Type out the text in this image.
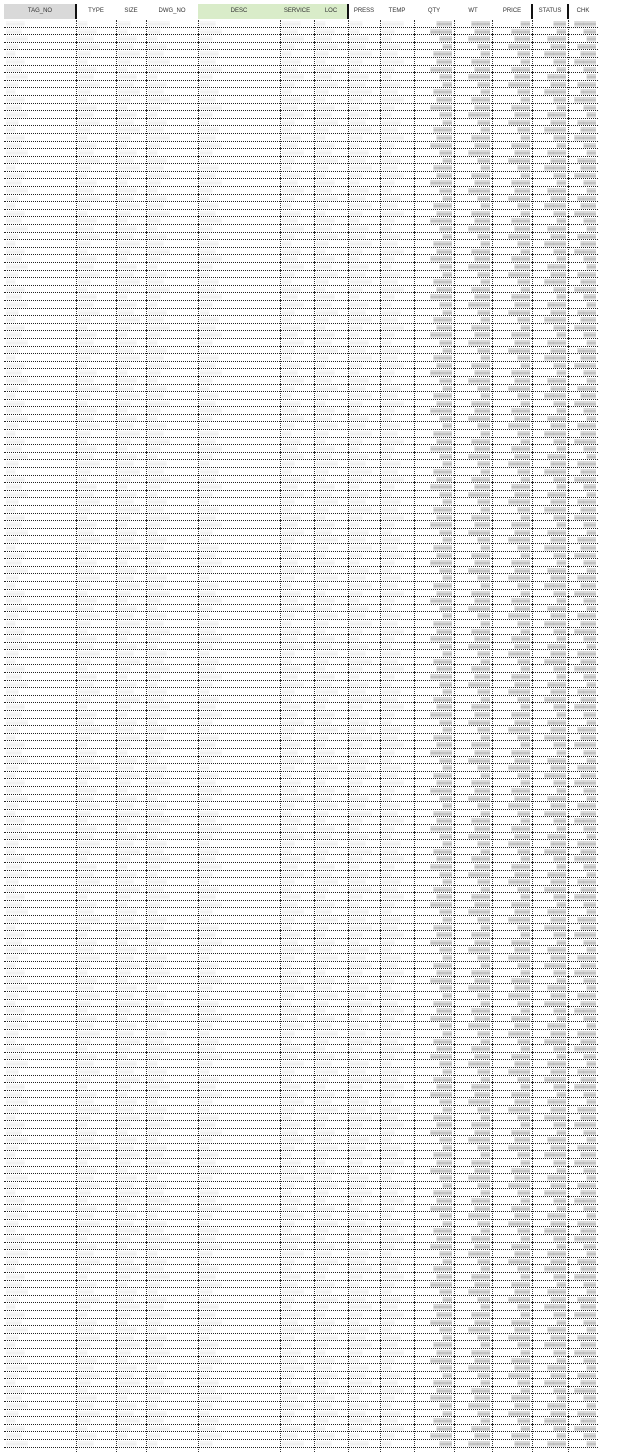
TAG_NO	TYPE	SIZE	DWG_NO	DESC	SERVICE	LOC	PRESS	TEMP	QTY	WT	PRICE	STATUS	CHK
▒▒▒▒▒▒	▒▒▒	▒▒▒▒	▒▒▒▒▒▒▒	▒▒▒▒▒	▒▒▒▒▒▒	▒▒▒	▒▒▒▒	▒▒▒▒▒▒▒	▒▒▒▒▒	▒▒▒▒▒▒	▒▒▒	▒▒▒▒	▒▒▒▒▒▒▒
▒▒▒▒▒	▒▒▒▒▒▒	▒▒▒	▒▒▒▒	▒▒▒▒▒▒▒	▒▒▒▒▒	▒▒▒▒▒▒	▒▒▒	▒▒▒▒	▒▒▒▒▒▒▒	▒▒▒▒▒	▒▒▒▒▒▒	▒▒▒	▒▒▒▒
▒▒▒▒▒▒▒	▒▒▒▒▒	▒▒▒▒▒▒	▒▒▒	▒▒▒▒	▒▒▒▒▒▒▒	▒▒▒▒▒	▒▒▒▒▒▒	▒▒▒	▒▒▒▒	▒▒▒▒▒▒▒	▒▒▒▒▒	▒▒▒▒▒▒	▒▒▒
▒▒▒▒	▒▒▒▒▒▒▒	▒▒▒▒▒	▒▒▒▒▒▒	▒▒▒	▒▒▒▒	▒▒▒▒▒▒▒	▒▒▒▒▒	▒▒▒▒▒▒	▒▒▒	▒▒▒▒	▒▒▒▒▒▒▒	▒▒▒▒▒	▒▒▒▒▒▒
▒▒▒	▒▒▒▒	▒▒▒▒▒▒▒	▒▒▒▒▒	▒▒▒▒▒▒	▒▒▒	▒▒▒▒	▒▒▒▒▒▒▒	▒▒▒▒▒	▒▒▒▒▒▒	▒▒▒	▒▒▒▒	▒▒▒▒▒▒▒	▒▒▒▒▒
▒▒▒▒▒▒	▒▒▒	▒▒▒▒	▒▒▒▒▒▒▒	▒▒▒▒▒	▒▒▒▒▒▒	▒▒▒	▒▒▒▒	▒▒▒▒▒▒▒	▒▒▒▒▒	▒▒▒▒▒▒	▒▒▒	▒▒▒▒	▒▒▒▒▒▒▒
▒▒▒▒▒	▒▒▒▒▒▒	▒▒▒	▒▒▒▒	▒▒▒▒▒▒▒	▒▒▒▒▒	▒▒▒▒▒▒	▒▒▒	▒▒▒▒	▒▒▒▒▒▒▒	▒▒▒▒▒	▒▒▒▒▒▒	▒▒▒	▒▒▒▒
▒▒▒▒▒▒▒	▒▒▒▒▒	▒▒▒▒▒▒	▒▒▒	▒▒▒▒	▒▒▒▒▒▒▒	▒▒▒▒▒	▒▒▒▒▒▒	▒▒▒	▒▒▒▒	▒▒▒▒▒▒▒	▒▒▒▒▒	▒▒▒▒▒▒	▒▒▒
▒▒▒▒	▒▒▒▒▒▒▒	▒▒▒▒▒	▒▒▒▒▒▒	▒▒▒	▒▒▒▒	▒▒▒▒▒▒▒	▒▒▒▒▒	▒▒▒▒▒▒	▒▒▒	▒▒▒▒	▒▒▒▒▒▒▒	▒▒▒▒▒	▒▒▒▒▒▒
▒▒▒	▒▒▒▒	▒▒▒▒▒▒▒	▒▒▒▒▒	▒▒▒▒▒▒	▒▒▒	▒▒▒▒	▒▒▒▒▒▒▒	▒▒▒▒▒	▒▒▒▒▒▒	▒▒▒	▒▒▒▒	▒▒▒▒▒▒▒	▒▒▒▒▒
▒▒▒▒▒▒	▒▒▒	▒▒▒▒	▒▒▒▒▒▒▒	▒▒▒▒▒	▒▒▒▒▒▒	▒▒▒	▒▒▒▒	▒▒▒▒▒▒▒	▒▒▒▒▒	▒▒▒▒▒▒	▒▒▒	▒▒▒▒	▒▒▒▒▒▒▒
▒▒▒▒▒	▒▒▒▒▒▒	▒▒▒	▒▒▒▒	▒▒▒▒▒▒▒	▒▒▒▒▒	▒▒▒▒▒▒	▒▒▒	▒▒▒▒	▒▒▒▒▒▒▒	▒▒▒▒▒	▒▒▒▒▒▒	▒▒▒	▒▒▒▒
▒▒▒▒▒▒▒	▒▒▒▒▒	▒▒▒▒▒▒	▒▒▒	▒▒▒▒	▒▒▒▒▒▒▒	▒▒▒▒▒	▒▒▒▒▒▒	▒▒▒	▒▒▒▒	▒▒▒▒▒▒▒	▒▒▒▒▒	▒▒▒▒▒▒	▒▒▒
▒▒▒▒	▒▒▒▒▒▒▒	▒▒▒▒▒	▒▒▒▒▒▒	▒▒▒	▒▒▒▒	▒▒▒▒▒▒▒	▒▒▒▒▒	▒▒▒▒▒▒	▒▒▒	▒▒▒▒	▒▒▒▒▒▒▒	▒▒▒▒▒	▒▒▒▒▒▒
▒▒▒	▒▒▒▒	▒▒▒▒▒▒▒	▒▒▒▒▒	▒▒▒▒▒▒	▒▒▒	▒▒▒▒	▒▒▒▒▒▒▒	▒▒▒▒▒	▒▒▒▒▒▒	▒▒▒	▒▒▒▒	▒▒▒▒▒▒▒	▒▒▒▒▒
▒▒▒▒▒▒	▒▒▒	▒▒▒▒	▒▒▒▒▒▒▒	▒▒▒▒▒	▒▒▒▒▒▒	▒▒▒	▒▒▒▒	▒▒▒▒▒▒▒	▒▒▒▒▒	▒▒▒▒▒▒	▒▒▒	▒▒▒▒	▒▒▒▒▒▒▒
▒▒▒▒▒	▒▒▒▒▒▒	▒▒▒	▒▒▒▒	▒▒▒▒▒▒▒	▒▒▒▒▒	▒▒▒▒▒▒	▒▒▒	▒▒▒▒	▒▒▒▒▒▒▒	▒▒▒▒▒	▒▒▒▒▒▒	▒▒▒	▒▒▒▒
▒▒▒▒▒▒▒	▒▒▒▒▒	▒▒▒▒▒▒	▒▒▒	▒▒▒▒	▒▒▒▒▒▒▒	▒▒▒▒▒	▒▒▒▒▒▒	▒▒▒	▒▒▒▒	▒▒▒▒▒▒▒	▒▒▒▒▒	▒▒▒▒▒▒	▒▒▒
▒▒▒▒	▒▒▒▒▒▒▒	▒▒▒▒▒	▒▒▒▒▒▒	▒▒▒	▒▒▒▒	▒▒▒▒▒▒▒	▒▒▒▒▒	▒▒▒▒▒▒	▒▒▒	▒▒▒▒	▒▒▒▒▒▒▒	▒▒▒▒▒	▒▒▒▒▒▒
▒▒▒	▒▒▒▒	▒▒▒▒▒▒▒	▒▒▒▒▒	▒▒▒▒▒▒	▒▒▒	▒▒▒▒	▒▒▒▒▒▒▒	▒▒▒▒▒	▒▒▒▒▒▒	▒▒▒	▒▒▒▒	▒▒▒▒▒▒▒	▒▒▒▒▒
▒▒▒▒▒▒	▒▒▒	▒▒▒▒	▒▒▒▒▒▒▒	▒▒▒▒▒	▒▒▒▒▒▒	▒▒▒	▒▒▒▒	▒▒▒▒▒▒▒	▒▒▒▒▒	▒▒▒▒▒▒	▒▒▒	▒▒▒▒	▒▒▒▒▒▒▒
▒▒▒▒▒	▒▒▒▒▒▒	▒▒▒	▒▒▒▒	▒▒▒▒▒▒▒	▒▒▒▒▒	▒▒▒▒▒▒	▒▒▒	▒▒▒▒	▒▒▒▒▒▒▒	▒▒▒▒▒	▒▒▒▒▒▒	▒▒▒	▒▒▒▒
▒▒▒▒▒▒▒	▒▒▒▒▒	▒▒▒▒▒▒	▒▒▒	▒▒▒▒	▒▒▒▒▒▒▒	▒▒▒▒▒	▒▒▒▒▒▒	▒▒▒	▒▒▒▒	▒▒▒▒▒▒▒	▒▒▒▒▒	▒▒▒▒▒▒	▒▒▒
▒▒▒▒	▒▒▒▒▒▒▒	▒▒▒▒▒	▒▒▒▒▒▒	▒▒▒	▒▒▒▒	▒▒▒▒▒▒▒	▒▒▒▒▒	▒▒▒▒▒▒	▒▒▒	▒▒▒▒	▒▒▒▒▒▒▒	▒▒▒▒▒	▒▒▒▒▒▒
▒▒▒	▒▒▒▒	▒▒▒▒▒▒▒	▒▒▒▒▒	▒▒▒▒▒▒	▒▒▒	▒▒▒▒	▒▒▒▒▒▒▒	▒▒▒▒▒	▒▒▒▒▒▒	▒▒▒	▒▒▒▒	▒▒▒▒▒▒▒	▒▒▒▒▒
▒▒▒▒▒▒	▒▒▒	▒▒▒▒	▒▒▒▒▒▒▒	▒▒▒▒▒	▒▒▒▒▒▒	▒▒▒	▒▒▒▒	▒▒▒▒▒▒▒	▒▒▒▒▒	▒▒▒▒▒▒	▒▒▒	▒▒▒▒	▒▒▒▒▒▒▒
▒▒▒▒▒	▒▒▒▒▒▒	▒▒▒	▒▒▒▒	▒▒▒▒▒▒▒	▒▒▒▒▒	▒▒▒▒▒▒	▒▒▒	▒▒▒▒	▒▒▒▒▒▒▒	▒▒▒▒▒	▒▒▒▒▒▒	▒▒▒	▒▒▒▒
▒▒▒▒▒▒▒	▒▒▒▒▒	▒▒▒▒▒▒	▒▒▒	▒▒▒▒	▒▒▒▒▒▒▒	▒▒▒▒▒	▒▒▒▒▒▒	▒▒▒	▒▒▒▒	▒▒▒▒▒▒▒	▒▒▒▒▒	▒▒▒▒▒▒	▒▒▒
▒▒▒▒	▒▒▒▒▒▒▒	▒▒▒▒▒	▒▒▒▒▒▒	▒▒▒	▒▒▒▒	▒▒▒▒▒▒▒	▒▒▒▒▒	▒▒▒▒▒▒	▒▒▒	▒▒▒▒	▒▒▒▒▒▒▒	▒▒▒▒▒	▒▒▒▒▒▒
▒▒▒	▒▒▒▒	▒▒▒▒▒▒▒	▒▒▒▒▒	▒▒▒▒▒▒	▒▒▒	▒▒▒▒	▒▒▒▒▒▒▒	▒▒▒▒▒	▒▒▒▒▒▒	▒▒▒	▒▒▒▒	▒▒▒▒▒▒▒	▒▒▒▒▒
▒▒▒▒▒▒	▒▒▒	▒▒▒▒	▒▒▒▒▒▒▒	▒▒▒▒▒	▒▒▒▒▒▒	▒▒▒	▒▒▒▒	▒▒▒▒▒▒▒	▒▒▒▒▒	▒▒▒▒▒▒	▒▒▒	▒▒▒▒	▒▒▒▒▒▒▒
▒▒▒▒▒	▒▒▒▒▒▒	▒▒▒	▒▒▒▒	▒▒▒▒▒▒▒	▒▒▒▒▒	▒▒▒▒▒▒	▒▒▒	▒▒▒▒	▒▒▒▒▒▒▒	▒▒▒▒▒	▒▒▒▒▒▒	▒▒▒	▒▒▒▒
▒▒▒▒▒▒▒	▒▒▒▒▒	▒▒▒▒▒▒	▒▒▒	▒▒▒▒	▒▒▒▒▒▒▒	▒▒▒▒▒	▒▒▒▒▒▒	▒▒▒	▒▒▒▒	▒▒▒▒▒▒▒	▒▒▒▒▒	▒▒▒▒▒▒	▒▒▒
▒▒▒▒	▒▒▒▒▒▒▒	▒▒▒▒▒	▒▒▒▒▒▒	▒▒▒	▒▒▒▒	▒▒▒▒▒▒▒	▒▒▒▒▒	▒▒▒▒▒▒	▒▒▒	▒▒▒▒	▒▒▒▒▒▒▒	▒▒▒▒▒	▒▒▒▒▒▒
▒▒▒	▒▒▒▒	▒▒▒▒▒▒▒	▒▒▒▒▒	▒▒▒▒▒▒	▒▒▒	▒▒▒▒	▒▒▒▒▒▒▒	▒▒▒▒▒	▒▒▒▒▒▒	▒▒▒	▒▒▒▒	▒▒▒▒▒▒▒	▒▒▒▒▒
▒▒▒▒▒▒	▒▒▒	▒▒▒▒	▒▒▒▒▒▒▒	▒▒▒▒▒	▒▒▒▒▒▒	▒▒▒	▒▒▒▒	▒▒▒▒▒▒▒	▒▒▒▒▒	▒▒▒▒▒▒	▒▒▒	▒▒▒▒	▒▒▒▒▒▒▒
▒▒▒▒▒	▒▒▒▒▒▒	▒▒▒	▒▒▒▒	▒▒▒▒▒▒▒	▒▒▒▒▒	▒▒▒▒▒▒	▒▒▒	▒▒▒▒	▒▒▒▒▒▒▒	▒▒▒▒▒	▒▒▒▒▒▒	▒▒▒	▒▒▒▒
▒▒▒▒▒▒▒	▒▒▒▒▒	▒▒▒▒▒▒	▒▒▒	▒▒▒▒	▒▒▒▒▒▒▒	▒▒▒▒▒	▒▒▒▒▒▒	▒▒▒	▒▒▒▒	▒▒▒▒▒▒▒	▒▒▒▒▒	▒▒▒▒▒▒	▒▒▒
▒▒▒▒	▒▒▒▒▒▒▒	▒▒▒▒▒	▒▒▒▒▒▒	▒▒▒	▒▒▒▒	▒▒▒▒▒▒▒	▒▒▒▒▒	▒▒▒▒▒▒	▒▒▒	▒▒▒▒	▒▒▒▒▒▒▒	▒▒▒▒▒	▒▒▒▒▒▒
▒▒▒	▒▒▒▒	▒▒▒▒▒▒▒	▒▒▒▒▒	▒▒▒▒▒▒	▒▒▒	▒▒▒▒	▒▒▒▒▒▒▒	▒▒▒▒▒	▒▒▒▒▒▒	▒▒▒	▒▒▒▒	▒▒▒▒▒▒▒	▒▒▒▒▒
▒▒▒▒▒▒	▒▒▒	▒▒▒▒	▒▒▒▒▒▒▒	▒▒▒▒▒	▒▒▒▒▒▒	▒▒▒	▒▒▒▒	▒▒▒▒▒▒▒	▒▒▒▒▒	▒▒▒▒▒▒	▒▒▒	▒▒▒▒	▒▒▒▒▒▒▒
▒▒▒▒▒	▒▒▒▒▒▒	▒▒▒	▒▒▒▒	▒▒▒▒▒▒▒	▒▒▒▒▒	▒▒▒▒▒▒	▒▒▒	▒▒▒▒	▒▒▒▒▒▒▒	▒▒▒▒▒	▒▒▒▒▒▒	▒▒▒	▒▒▒▒
▒▒▒▒▒▒▒	▒▒▒▒▒	▒▒▒▒▒▒	▒▒▒	▒▒▒▒	▒▒▒▒▒▒▒	▒▒▒▒▒	▒▒▒▒▒▒	▒▒▒	▒▒▒▒	▒▒▒▒▒▒▒	▒▒▒▒▒	▒▒▒▒▒▒	▒▒▒
▒▒▒▒	▒▒▒▒▒▒▒	▒▒▒▒▒	▒▒▒▒▒▒	▒▒▒	▒▒▒▒	▒▒▒▒▒▒▒	▒▒▒▒▒	▒▒▒▒▒▒	▒▒▒	▒▒▒▒	▒▒▒▒▒▒▒	▒▒▒▒▒	▒▒▒▒▒▒
▒▒▒	▒▒▒▒	▒▒▒▒▒▒▒	▒▒▒▒▒	▒▒▒▒▒▒	▒▒▒	▒▒▒▒	▒▒▒▒▒▒▒	▒▒▒▒▒	▒▒▒▒▒▒	▒▒▒	▒▒▒▒	▒▒▒▒▒▒▒	▒▒▒▒▒
▒▒▒▒▒▒	▒▒▒	▒▒▒▒	▒▒▒▒▒▒▒	▒▒▒▒▒	▒▒▒▒▒▒	▒▒▒	▒▒▒▒	▒▒▒▒▒▒▒	▒▒▒▒▒	▒▒▒▒▒▒	▒▒▒	▒▒▒▒	▒▒▒▒▒▒▒
▒▒▒▒▒	▒▒▒▒▒▒	▒▒▒	▒▒▒▒	▒▒▒▒▒▒▒	▒▒▒▒▒	▒▒▒▒▒▒	▒▒▒	▒▒▒▒	▒▒▒▒▒▒▒	▒▒▒▒▒	▒▒▒▒▒▒	▒▒▒	▒▒▒▒
▒▒▒▒▒▒▒	▒▒▒▒▒	▒▒▒▒▒▒	▒▒▒	▒▒▒▒	▒▒▒▒▒▒▒	▒▒▒▒▒	▒▒▒▒▒▒	▒▒▒	▒▒▒▒	▒▒▒▒▒▒▒	▒▒▒▒▒	▒▒▒▒▒▒	▒▒▒
▒▒▒▒	▒▒▒▒▒▒▒	▒▒▒▒▒	▒▒▒▒▒▒	▒▒▒	▒▒▒▒	▒▒▒▒▒▒▒	▒▒▒▒▒	▒▒▒▒▒▒	▒▒▒	▒▒▒▒	▒▒▒▒▒▒▒	▒▒▒▒▒	▒▒▒▒▒▒
▒▒▒	▒▒▒▒	▒▒▒▒▒▒▒	▒▒▒▒▒	▒▒▒▒▒▒	▒▒▒	▒▒▒▒	▒▒▒▒▒▒▒	▒▒▒▒▒	▒▒▒▒▒▒	▒▒▒	▒▒▒▒	▒▒▒▒▒▒▒	▒▒▒▒▒
▒▒▒▒▒▒	▒▒▒	▒▒▒▒	▒▒▒▒▒▒▒	▒▒▒▒▒	▒▒▒▒▒▒	▒▒▒	▒▒▒▒	▒▒▒▒▒▒▒	▒▒▒▒▒	▒▒▒▒▒▒	▒▒▒	▒▒▒▒	▒▒▒▒▒▒▒
▒▒▒▒▒	▒▒▒▒▒▒	▒▒▒	▒▒▒▒	▒▒▒▒▒▒▒	▒▒▒▒▒	▒▒▒▒▒▒	▒▒▒	▒▒▒▒	▒▒▒▒▒▒▒	▒▒▒▒▒	▒▒▒▒▒▒	▒▒▒	▒▒▒▒
▒▒▒▒▒▒▒	▒▒▒▒▒	▒▒▒▒▒▒	▒▒▒	▒▒▒▒	▒▒▒▒▒▒▒	▒▒▒▒▒	▒▒▒▒▒▒	▒▒▒	▒▒▒▒	▒▒▒▒▒▒▒	▒▒▒▒▒	▒▒▒▒▒▒	▒▒▒
▒▒▒▒	▒▒▒▒▒▒▒	▒▒▒▒▒	▒▒▒▒▒▒	▒▒▒	▒▒▒▒	▒▒▒▒▒▒▒	▒▒▒▒▒	▒▒▒▒▒▒	▒▒▒	▒▒▒▒	▒▒▒▒▒▒▒	▒▒▒▒▒	▒▒▒▒▒▒
▒▒▒	▒▒▒▒	▒▒▒▒▒▒▒	▒▒▒▒▒	▒▒▒▒▒▒	▒▒▒	▒▒▒▒	▒▒▒▒▒▒▒	▒▒▒▒▒	▒▒▒▒▒▒	▒▒▒	▒▒▒▒	▒▒▒▒▒▒▒	▒▒▒▒▒
▒▒▒▒▒▒	▒▒▒	▒▒▒▒	▒▒▒▒▒▒▒	▒▒▒▒▒	▒▒▒▒▒▒	▒▒▒	▒▒▒▒	▒▒▒▒▒▒▒	▒▒▒▒▒	▒▒▒▒▒▒	▒▒▒	▒▒▒▒	▒▒▒▒▒▒▒
▒▒▒▒▒	▒▒▒▒▒▒	▒▒▒	▒▒▒▒	▒▒▒▒▒▒▒	▒▒▒▒▒	▒▒▒▒▒▒	▒▒▒	▒▒▒▒	▒▒▒▒▒▒▒	▒▒▒▒▒	▒▒▒▒▒▒	▒▒▒	▒▒▒▒
▒▒▒▒▒▒▒	▒▒▒▒▒	▒▒▒▒▒▒	▒▒▒	▒▒▒▒	▒▒▒▒▒▒▒	▒▒▒▒▒	▒▒▒▒▒▒	▒▒▒	▒▒▒▒	▒▒▒▒▒▒▒	▒▒▒▒▒	▒▒▒▒▒▒	▒▒▒
▒▒▒▒	▒▒▒▒▒▒▒	▒▒▒▒▒	▒▒▒▒▒▒	▒▒▒	▒▒▒▒	▒▒▒▒▒▒▒	▒▒▒▒▒	▒▒▒▒▒▒	▒▒▒	▒▒▒▒	▒▒▒▒▒▒▒	▒▒▒▒▒	▒▒▒▒▒▒
▒▒▒	▒▒▒▒	▒▒▒▒▒▒▒	▒▒▒▒▒	▒▒▒▒▒▒	▒▒▒	▒▒▒▒	▒▒▒▒▒▒▒	▒▒▒▒▒	▒▒▒▒▒▒	▒▒▒	▒▒▒▒	▒▒▒▒▒▒▒	▒▒▒▒▒
▒▒▒▒▒▒	▒▒▒	▒▒▒▒	▒▒▒▒▒▒▒	▒▒▒▒▒	▒▒▒▒▒▒	▒▒▒	▒▒▒▒	▒▒▒▒▒▒▒	▒▒▒▒▒	▒▒▒▒▒▒	▒▒▒	▒▒▒▒	▒▒▒▒▒▒▒
▒▒▒▒▒	▒▒▒▒▒▒	▒▒▒	▒▒▒▒	▒▒▒▒▒▒▒	▒▒▒▒▒	▒▒▒▒▒▒	▒▒▒	▒▒▒▒	▒▒▒▒▒▒▒	▒▒▒▒▒	▒▒▒▒▒▒	▒▒▒	▒▒▒▒
▒▒▒▒▒▒▒	▒▒▒▒▒	▒▒▒▒▒▒	▒▒▒	▒▒▒▒	▒▒▒▒▒▒▒	▒▒▒▒▒	▒▒▒▒▒▒	▒▒▒	▒▒▒▒	▒▒▒▒▒▒▒	▒▒▒▒▒	▒▒▒▒▒▒	▒▒▒
▒▒▒▒	▒▒▒▒▒▒▒	▒▒▒▒▒	▒▒▒▒▒▒	▒▒▒	▒▒▒▒	▒▒▒▒▒▒▒	▒▒▒▒▒	▒▒▒▒▒▒	▒▒▒	▒▒▒▒	▒▒▒▒▒▒▒	▒▒▒▒▒	▒▒▒▒▒▒
▒▒▒	▒▒▒▒	▒▒▒▒▒▒▒	▒▒▒▒▒	▒▒▒▒▒▒	▒▒▒	▒▒▒▒	▒▒▒▒▒▒▒	▒▒▒▒▒	▒▒▒▒▒▒	▒▒▒	▒▒▒▒	▒▒▒▒▒▒▒	▒▒▒▒▒
▒▒▒▒▒▒	▒▒▒	▒▒▒▒	▒▒▒▒▒▒▒	▒▒▒▒▒	▒▒▒▒▒▒	▒▒▒	▒▒▒▒	▒▒▒▒▒▒▒	▒▒▒▒▒	▒▒▒▒▒▒	▒▒▒	▒▒▒▒	▒▒▒▒▒▒▒
▒▒▒▒▒	▒▒▒▒▒▒	▒▒▒	▒▒▒▒	▒▒▒▒▒▒▒	▒▒▒▒▒	▒▒▒▒▒▒	▒▒▒	▒▒▒▒	▒▒▒▒▒▒▒	▒▒▒▒▒	▒▒▒▒▒▒	▒▒▒	▒▒▒▒
▒▒▒▒▒▒▒	▒▒▒▒▒	▒▒▒▒▒▒	▒▒▒	▒▒▒▒	▒▒▒▒▒▒▒	▒▒▒▒▒	▒▒▒▒▒▒	▒▒▒	▒▒▒▒	▒▒▒▒▒▒▒	▒▒▒▒▒	▒▒▒▒▒▒	▒▒▒
▒▒▒▒	▒▒▒▒▒▒▒	▒▒▒▒▒	▒▒▒▒▒▒	▒▒▒	▒▒▒▒	▒▒▒▒▒▒▒	▒▒▒▒▒	▒▒▒▒▒▒	▒▒▒	▒▒▒▒	▒▒▒▒▒▒▒	▒▒▒▒▒	▒▒▒▒▒▒
▒▒▒	▒▒▒▒	▒▒▒▒▒▒▒	▒▒▒▒▒	▒▒▒▒▒▒	▒▒▒	▒▒▒▒	▒▒▒▒▒▒▒	▒▒▒▒▒	▒▒▒▒▒▒	▒▒▒	▒▒▒▒	▒▒▒▒▒▒▒	▒▒▒▒▒
▒▒▒▒▒▒	▒▒▒	▒▒▒▒	▒▒▒▒▒▒▒	▒▒▒▒▒	▒▒▒▒▒▒	▒▒▒	▒▒▒▒	▒▒▒▒▒▒▒	▒▒▒▒▒	▒▒▒▒▒▒	▒▒▒	▒▒▒▒	▒▒▒▒▒▒▒
▒▒▒▒▒	▒▒▒▒▒▒	▒▒▒	▒▒▒▒	▒▒▒▒▒▒▒	▒▒▒▒▒	▒▒▒▒▒▒	▒▒▒	▒▒▒▒	▒▒▒▒▒▒▒	▒▒▒▒▒	▒▒▒▒▒▒	▒▒▒	▒▒▒▒
▒▒▒▒▒▒▒	▒▒▒▒▒	▒▒▒▒▒▒	▒▒▒	▒▒▒▒	▒▒▒▒▒▒▒	▒▒▒▒▒	▒▒▒▒▒▒	▒▒▒	▒▒▒▒	▒▒▒▒▒▒▒	▒▒▒▒▒	▒▒▒▒▒▒	▒▒▒
▒▒▒▒	▒▒▒▒▒▒▒	▒▒▒▒▒	▒▒▒▒▒▒	▒▒▒	▒▒▒▒	▒▒▒▒▒▒▒	▒▒▒▒▒	▒▒▒▒▒▒	▒▒▒	▒▒▒▒	▒▒▒▒▒▒▒	▒▒▒▒▒	▒▒▒▒▒▒
▒▒▒	▒▒▒▒	▒▒▒▒▒▒▒	▒▒▒▒▒	▒▒▒▒▒▒	▒▒▒	▒▒▒▒	▒▒▒▒▒▒▒	▒▒▒▒▒	▒▒▒▒▒▒	▒▒▒	▒▒▒▒	▒▒▒▒▒▒▒	▒▒▒▒▒
▒▒▒▒▒▒	▒▒▒	▒▒▒▒	▒▒▒▒▒▒▒	▒▒▒▒▒	▒▒▒▒▒▒	▒▒▒	▒▒▒▒	▒▒▒▒▒▒▒	▒▒▒▒▒	▒▒▒▒▒▒	▒▒▒	▒▒▒▒	▒▒▒▒▒▒▒
▒▒▒▒▒	▒▒▒▒▒▒	▒▒▒	▒▒▒▒	▒▒▒▒▒▒▒	▒▒▒▒▒	▒▒▒▒▒▒	▒▒▒	▒▒▒▒	▒▒▒▒▒▒▒	▒▒▒▒▒	▒▒▒▒▒▒	▒▒▒	▒▒▒▒
▒▒▒▒▒▒▒	▒▒▒▒▒	▒▒▒▒▒▒	▒▒▒	▒▒▒▒	▒▒▒▒▒▒▒	▒▒▒▒▒	▒▒▒▒▒▒	▒▒▒	▒▒▒▒	▒▒▒▒▒▒▒	▒▒▒▒▒	▒▒▒▒▒▒	▒▒▒
▒▒▒▒	▒▒▒▒▒▒▒	▒▒▒▒▒	▒▒▒▒▒▒	▒▒▒	▒▒▒▒	▒▒▒▒▒▒▒	▒▒▒▒▒	▒▒▒▒▒▒	▒▒▒	▒▒▒▒	▒▒▒▒▒▒▒	▒▒▒▒▒	▒▒▒▒▒▒
▒▒▒	▒▒▒▒	▒▒▒▒▒▒▒	▒▒▒▒▒	▒▒▒▒▒▒	▒▒▒	▒▒▒▒	▒▒▒▒▒▒▒	▒▒▒▒▒	▒▒▒▒▒▒	▒▒▒	▒▒▒▒	▒▒▒▒▒▒▒	▒▒▒▒▒
▒▒▒▒▒▒	▒▒▒	▒▒▒▒	▒▒▒▒▒▒▒	▒▒▒▒▒	▒▒▒▒▒▒	▒▒▒	▒▒▒▒	▒▒▒▒▒▒▒	▒▒▒▒▒	▒▒▒▒▒▒	▒▒▒	▒▒▒▒	▒▒▒▒▒▒▒
▒▒▒▒▒	▒▒▒▒▒▒	▒▒▒	▒▒▒▒	▒▒▒▒▒▒▒	▒▒▒▒▒	▒▒▒▒▒▒	▒▒▒	▒▒▒▒	▒▒▒▒▒▒▒	▒▒▒▒▒	▒▒▒▒▒▒	▒▒▒	▒▒▒▒
▒▒▒▒▒▒▒	▒▒▒▒▒	▒▒▒▒▒▒	▒▒▒	▒▒▒▒	▒▒▒▒▒▒▒	▒▒▒▒▒	▒▒▒▒▒▒	▒▒▒	▒▒▒▒	▒▒▒▒▒▒▒	▒▒▒▒▒	▒▒▒▒▒▒	▒▒▒
▒▒▒▒	▒▒▒▒▒▒▒	▒▒▒▒▒	▒▒▒▒▒▒	▒▒▒	▒▒▒▒	▒▒▒▒▒▒▒	▒▒▒▒▒	▒▒▒▒▒▒	▒▒▒	▒▒▒▒	▒▒▒▒▒▒▒	▒▒▒▒▒	▒▒▒▒▒▒
▒▒▒	▒▒▒▒	▒▒▒▒▒▒▒	▒▒▒▒▒	▒▒▒▒▒▒	▒▒▒	▒▒▒▒	▒▒▒▒▒▒▒	▒▒▒▒▒	▒▒▒▒▒▒	▒▒▒	▒▒▒▒	▒▒▒▒▒▒▒	▒▒▒▒▒
▒▒▒▒▒▒	▒▒▒	▒▒▒▒	▒▒▒▒▒▒▒	▒▒▒▒▒	▒▒▒▒▒▒	▒▒▒	▒▒▒▒	▒▒▒▒▒▒▒	▒▒▒▒▒	▒▒▒▒▒▒	▒▒▒	▒▒▒▒	▒▒▒▒▒▒▒
▒▒▒▒▒	▒▒▒▒▒▒	▒▒▒	▒▒▒▒	▒▒▒▒▒▒▒	▒▒▒▒▒	▒▒▒▒▒▒	▒▒▒	▒▒▒▒	▒▒▒▒▒▒▒	▒▒▒▒▒	▒▒▒▒▒▒	▒▒▒	▒▒▒▒
▒▒▒▒▒▒▒	▒▒▒▒▒	▒▒▒▒▒▒	▒▒▒	▒▒▒▒	▒▒▒▒▒▒▒	▒▒▒▒▒	▒▒▒▒▒▒	▒▒▒	▒▒▒▒	▒▒▒▒▒▒▒	▒▒▒▒▒	▒▒▒▒▒▒	▒▒▒
▒▒▒▒	▒▒▒▒▒▒▒	▒▒▒▒▒	▒▒▒▒▒▒	▒▒▒	▒▒▒▒	▒▒▒▒▒▒▒	▒▒▒▒▒	▒▒▒▒▒▒	▒▒▒	▒▒▒▒	▒▒▒▒▒▒▒	▒▒▒▒▒	▒▒▒▒▒▒
▒▒▒	▒▒▒▒	▒▒▒▒▒▒▒	▒▒▒▒▒	▒▒▒▒▒▒	▒▒▒	▒▒▒▒	▒▒▒▒▒▒▒	▒▒▒▒▒	▒▒▒▒▒▒	▒▒▒	▒▒▒▒	▒▒▒▒▒▒▒	▒▒▒▒▒
▒▒▒▒▒▒	▒▒▒	▒▒▒▒	▒▒▒▒▒▒▒	▒▒▒▒▒	▒▒▒▒▒▒	▒▒▒	▒▒▒▒	▒▒▒▒▒▒▒	▒▒▒▒▒	▒▒▒▒▒▒	▒▒▒	▒▒▒▒	▒▒▒▒▒▒▒
▒▒▒▒▒	▒▒▒▒▒▒	▒▒▒	▒▒▒▒	▒▒▒▒▒▒▒	▒▒▒▒▒	▒▒▒▒▒▒	▒▒▒	▒▒▒▒	▒▒▒▒▒▒▒	▒▒▒▒▒	▒▒▒▒▒▒	▒▒▒	▒▒▒▒
▒▒▒▒▒▒▒	▒▒▒▒▒	▒▒▒▒▒▒	▒▒▒	▒▒▒▒	▒▒▒▒▒▒▒	▒▒▒▒▒	▒▒▒▒▒▒	▒▒▒	▒▒▒▒	▒▒▒▒▒▒▒	▒▒▒▒▒	▒▒▒▒▒▒	▒▒▒
▒▒▒▒	▒▒▒▒▒▒▒	▒▒▒▒▒	▒▒▒▒▒▒	▒▒▒	▒▒▒▒	▒▒▒▒▒▒▒	▒▒▒▒▒	▒▒▒▒▒▒	▒▒▒	▒▒▒▒	▒▒▒▒▒▒▒	▒▒▒▒▒	▒▒▒▒▒▒
▒▒▒	▒▒▒▒	▒▒▒▒▒▒▒	▒▒▒▒▒	▒▒▒▒▒▒	▒▒▒	▒▒▒▒	▒▒▒▒▒▒▒	▒▒▒▒▒	▒▒▒▒▒▒	▒▒▒	▒▒▒▒	▒▒▒▒▒▒▒	▒▒▒▒▒
▒▒▒▒▒▒	▒▒▒	▒▒▒▒	▒▒▒▒▒▒▒	▒▒▒▒▒	▒▒▒▒▒▒	▒▒▒	▒▒▒▒	▒▒▒▒▒▒▒	▒▒▒▒▒	▒▒▒▒▒▒	▒▒▒	▒▒▒▒	▒▒▒▒▒▒▒
▒▒▒▒▒	▒▒▒▒▒▒	▒▒▒	▒▒▒▒	▒▒▒▒▒▒▒	▒▒▒▒▒	▒▒▒▒▒▒	▒▒▒	▒▒▒▒	▒▒▒▒▒▒▒	▒▒▒▒▒	▒▒▒▒▒▒	▒▒▒	▒▒▒▒
▒▒▒▒▒▒▒	▒▒▒▒▒	▒▒▒▒▒▒	▒▒▒	▒▒▒▒	▒▒▒▒▒▒▒	▒▒▒▒▒	▒▒▒▒▒▒	▒▒▒	▒▒▒▒	▒▒▒▒▒▒▒	▒▒▒▒▒	▒▒▒▒▒▒	▒▒▒
▒▒▒▒	▒▒▒▒▒▒▒	▒▒▒▒▒	▒▒▒▒▒▒	▒▒▒	▒▒▒▒	▒▒▒▒▒▒▒	▒▒▒▒▒	▒▒▒▒▒▒	▒▒▒	▒▒▒▒	▒▒▒▒▒▒▒	▒▒▒▒▒	▒▒▒▒▒▒
▒▒▒	▒▒▒▒	▒▒▒▒▒▒▒	▒▒▒▒▒	▒▒▒▒▒▒	▒▒▒	▒▒▒▒	▒▒▒▒▒▒▒	▒▒▒▒▒	▒▒▒▒▒▒	▒▒▒	▒▒▒▒	▒▒▒▒▒▒▒	▒▒▒▒▒
▒▒▒▒▒▒	▒▒▒	▒▒▒▒	▒▒▒▒▒▒▒	▒▒▒▒▒	▒▒▒▒▒▒	▒▒▒	▒▒▒▒	▒▒▒▒▒▒▒	▒▒▒▒▒	▒▒▒▒▒▒	▒▒▒	▒▒▒▒	▒▒▒▒▒▒▒
▒▒▒▒▒	▒▒▒▒▒▒	▒▒▒	▒▒▒▒	▒▒▒▒▒▒▒	▒▒▒▒▒	▒▒▒▒▒▒	▒▒▒	▒▒▒▒	▒▒▒▒▒▒▒	▒▒▒▒▒	▒▒▒▒▒▒	▒▒▒	▒▒▒▒
▒▒▒▒▒▒▒	▒▒▒▒▒	▒▒▒▒▒▒	▒▒▒	▒▒▒▒	▒▒▒▒▒▒▒	▒▒▒▒▒	▒▒▒▒▒▒	▒▒▒	▒▒▒▒	▒▒▒▒▒▒▒	▒▒▒▒▒	▒▒▒▒▒▒	▒▒▒
▒▒▒▒	▒▒▒▒▒▒▒	▒▒▒▒▒	▒▒▒▒▒▒	▒▒▒	▒▒▒▒	▒▒▒▒▒▒▒	▒▒▒▒▒	▒▒▒▒▒▒	▒▒▒	▒▒▒▒	▒▒▒▒▒▒▒	▒▒▒▒▒	▒▒▒▒▒▒
▒▒▒	▒▒▒▒	▒▒▒▒▒▒▒	▒▒▒▒▒	▒▒▒▒▒▒	▒▒▒	▒▒▒▒	▒▒▒▒▒▒▒	▒▒▒▒▒	▒▒▒▒▒▒	▒▒▒	▒▒▒▒	▒▒▒▒▒▒▒	▒▒▒▒▒
▒▒▒▒▒▒	▒▒▒	▒▒▒▒	▒▒▒▒▒▒▒	▒▒▒▒▒	▒▒▒▒▒▒	▒▒▒	▒▒▒▒	▒▒▒▒▒▒▒	▒▒▒▒▒	▒▒▒▒▒▒	▒▒▒	▒▒▒▒	▒▒▒▒▒▒▒
▒▒▒▒▒	▒▒▒▒▒▒	▒▒▒	▒▒▒▒	▒▒▒▒▒▒▒	▒▒▒▒▒	▒▒▒▒▒▒	▒▒▒	▒▒▒▒	▒▒▒▒▒▒▒	▒▒▒▒▒	▒▒▒▒▒▒	▒▒▒	▒▒▒▒
▒▒▒▒▒▒▒	▒▒▒▒▒	▒▒▒▒▒▒	▒▒▒	▒▒▒▒	▒▒▒▒▒▒▒	▒▒▒▒▒	▒▒▒▒▒▒	▒▒▒	▒▒▒▒	▒▒▒▒▒▒▒	▒▒▒▒▒	▒▒▒▒▒▒	▒▒▒
▒▒▒▒	▒▒▒▒▒▒▒	▒▒▒▒▒	▒▒▒▒▒▒	▒▒▒	▒▒▒▒	▒▒▒▒▒▒▒	▒▒▒▒▒	▒▒▒▒▒▒	▒▒▒	▒▒▒▒	▒▒▒▒▒▒▒	▒▒▒▒▒	▒▒▒▒▒▒
▒▒▒	▒▒▒▒	▒▒▒▒▒▒▒	▒▒▒▒▒	▒▒▒▒▒▒	▒▒▒	▒▒▒▒	▒▒▒▒▒▒▒	▒▒▒▒▒	▒▒▒▒▒▒	▒▒▒	▒▒▒▒	▒▒▒▒▒▒▒	▒▒▒▒▒
▒▒▒▒▒▒	▒▒▒	▒▒▒▒	▒▒▒▒▒▒▒	▒▒▒▒▒	▒▒▒▒▒▒	▒▒▒	▒▒▒▒	▒▒▒▒▒▒▒	▒▒▒▒▒	▒▒▒▒▒▒	▒▒▒	▒▒▒▒	▒▒▒▒▒▒▒
▒▒▒▒▒	▒▒▒▒▒▒	▒▒▒	▒▒▒▒	▒▒▒▒▒▒▒	▒▒▒▒▒	▒▒▒▒▒▒	▒▒▒	▒▒▒▒	▒▒▒▒▒▒▒	▒▒▒▒▒	▒▒▒▒▒▒	▒▒▒	▒▒▒▒
▒▒▒▒▒▒▒	▒▒▒▒▒	▒▒▒▒▒▒	▒▒▒	▒▒▒▒	▒▒▒▒▒▒▒	▒▒▒▒▒	▒▒▒▒▒▒	▒▒▒	▒▒▒▒	▒▒▒▒▒▒▒	▒▒▒▒▒	▒▒▒▒▒▒	▒▒▒
▒▒▒▒	▒▒▒▒▒▒▒	▒▒▒▒▒	▒▒▒▒▒▒	▒▒▒	▒▒▒▒	▒▒▒▒▒▒▒	▒▒▒▒▒	▒▒▒▒▒▒	▒▒▒	▒▒▒▒	▒▒▒▒▒▒▒	▒▒▒▒▒	▒▒▒▒▒▒
▒▒▒	▒▒▒▒	▒▒▒▒▒▒▒	▒▒▒▒▒	▒▒▒▒▒▒	▒▒▒	▒▒▒▒	▒▒▒▒▒▒▒	▒▒▒▒▒	▒▒▒▒▒▒	▒▒▒	▒▒▒▒	▒▒▒▒▒▒▒	▒▒▒▒▒
▒▒▒▒▒▒	▒▒▒	▒▒▒▒	▒▒▒▒▒▒▒	▒▒▒▒▒	▒▒▒▒▒▒	▒▒▒	▒▒▒▒	▒▒▒▒▒▒▒	▒▒▒▒▒	▒▒▒▒▒▒	▒▒▒	▒▒▒▒	▒▒▒▒▒▒▒
▒▒▒▒▒	▒▒▒▒▒▒	▒▒▒	▒▒▒▒	▒▒▒▒▒▒▒	▒▒▒▒▒	▒▒▒▒▒▒	▒▒▒	▒▒▒▒	▒▒▒▒▒▒▒	▒▒▒▒▒	▒▒▒▒▒▒	▒▒▒	▒▒▒▒
▒▒▒▒▒▒▒	▒▒▒▒▒	▒▒▒▒▒▒	▒▒▒	▒▒▒▒	▒▒▒▒▒▒▒	▒▒▒▒▒	▒▒▒▒▒▒	▒▒▒	▒▒▒▒	▒▒▒▒▒▒▒	▒▒▒▒▒	▒▒▒▒▒▒	▒▒▒
▒▒▒▒	▒▒▒▒▒▒▒	▒▒▒▒▒	▒▒▒▒▒▒	▒▒▒	▒▒▒▒	▒▒▒▒▒▒▒	▒▒▒▒▒	▒▒▒▒▒▒	▒▒▒	▒▒▒▒	▒▒▒▒▒▒▒	▒▒▒▒▒	▒▒▒▒▒▒
▒▒▒	▒▒▒▒	▒▒▒▒▒▒▒	▒▒▒▒▒	▒▒▒▒▒▒	▒▒▒	▒▒▒▒	▒▒▒▒▒▒▒	▒▒▒▒▒	▒▒▒▒▒▒	▒▒▒	▒▒▒▒	▒▒▒▒▒▒▒	▒▒▒▒▒
▒▒▒▒▒▒	▒▒▒	▒▒▒▒	▒▒▒▒▒▒▒	▒▒▒▒▒	▒▒▒▒▒▒	▒▒▒	▒▒▒▒	▒▒▒▒▒▒▒	▒▒▒▒▒	▒▒▒▒▒▒	▒▒▒	▒▒▒▒	▒▒▒▒▒▒▒
▒▒▒▒▒	▒▒▒▒▒▒	▒▒▒	▒▒▒▒	▒▒▒▒▒▒▒	▒▒▒▒▒	▒▒▒▒▒▒	▒▒▒	▒▒▒▒	▒▒▒▒▒▒▒	▒▒▒▒▒	▒▒▒▒▒▒	▒▒▒	▒▒▒▒
▒▒▒▒▒▒▒	▒▒▒▒▒	▒▒▒▒▒▒	▒▒▒	▒▒▒▒	▒▒▒▒▒▒▒	▒▒▒▒▒	▒▒▒▒▒▒	▒▒▒	▒▒▒▒	▒▒▒▒▒▒▒	▒▒▒▒▒	▒▒▒▒▒▒	▒▒▒
▒▒▒▒	▒▒▒▒▒▒▒	▒▒▒▒▒	▒▒▒▒▒▒	▒▒▒	▒▒▒▒	▒▒▒▒▒▒▒	▒▒▒▒▒	▒▒▒▒▒▒	▒▒▒	▒▒▒▒	▒▒▒▒▒▒▒	▒▒▒▒▒	▒▒▒▒▒▒
▒▒▒	▒▒▒▒	▒▒▒▒▒▒▒	▒▒▒▒▒	▒▒▒▒▒▒	▒▒▒	▒▒▒▒	▒▒▒▒▒▒▒	▒▒▒▒▒	▒▒▒▒▒▒	▒▒▒	▒▒▒▒	▒▒▒▒▒▒▒	▒▒▒▒▒
▒▒▒▒▒▒	▒▒▒	▒▒▒▒	▒▒▒▒▒▒▒	▒▒▒▒▒	▒▒▒▒▒▒	▒▒▒	▒▒▒▒	▒▒▒▒▒▒▒	▒▒▒▒▒	▒▒▒▒▒▒	▒▒▒	▒▒▒▒	▒▒▒▒▒▒▒
▒▒▒▒▒	▒▒▒▒▒▒	▒▒▒	▒▒▒▒	▒▒▒▒▒▒▒	▒▒▒▒▒	▒▒▒▒▒▒	▒▒▒	▒▒▒▒	▒▒▒▒▒▒▒	▒▒▒▒▒	▒▒▒▒▒▒	▒▒▒	▒▒▒▒
▒▒▒▒▒▒▒	▒▒▒▒▒	▒▒▒▒▒▒	▒▒▒	▒▒▒▒	▒▒▒▒▒▒▒	▒▒▒▒▒	▒▒▒▒▒▒	▒▒▒	▒▒▒▒	▒▒▒▒▒▒▒	▒▒▒▒▒	▒▒▒▒▒▒	▒▒▒
▒▒▒▒	▒▒▒▒▒▒▒	▒▒▒▒▒	▒▒▒▒▒▒	▒▒▒	▒▒▒▒	▒▒▒▒▒▒▒	▒▒▒▒▒	▒▒▒▒▒▒	▒▒▒	▒▒▒▒	▒▒▒▒▒▒▒	▒▒▒▒▒	▒▒▒▒▒▒
▒▒▒	▒▒▒▒	▒▒▒▒▒▒▒	▒▒▒▒▒	▒▒▒▒▒▒	▒▒▒	▒▒▒▒	▒▒▒▒▒▒▒	▒▒▒▒▒	▒▒▒▒▒▒	▒▒▒	▒▒▒▒	▒▒▒▒▒▒▒	▒▒▒▒▒
▒▒▒▒▒▒	▒▒▒	▒▒▒▒	▒▒▒▒▒▒▒	▒▒▒▒▒	▒▒▒▒▒▒	▒▒▒	▒▒▒▒	▒▒▒▒▒▒▒	▒▒▒▒▒	▒▒▒▒▒▒	▒▒▒	▒▒▒▒	▒▒▒▒▒▒▒
▒▒▒▒▒	▒▒▒▒▒▒	▒▒▒	▒▒▒▒	▒▒▒▒▒▒▒	▒▒▒▒▒	▒▒▒▒▒▒	▒▒▒	▒▒▒▒	▒▒▒▒▒▒▒	▒▒▒▒▒	▒▒▒▒▒▒	▒▒▒	▒▒▒▒
▒▒▒▒▒▒▒	▒▒▒▒▒	▒▒▒▒▒▒	▒▒▒	▒▒▒▒	▒▒▒▒▒▒▒	▒▒▒▒▒	▒▒▒▒▒▒	▒▒▒	▒▒▒▒	▒▒▒▒▒▒▒	▒▒▒▒▒	▒▒▒▒▒▒	▒▒▒
▒▒▒▒	▒▒▒▒▒▒▒	▒▒▒▒▒	▒▒▒▒▒▒	▒▒▒	▒▒▒▒	▒▒▒▒▒▒▒	▒▒▒▒▒	▒▒▒▒▒▒	▒▒▒	▒▒▒▒	▒▒▒▒▒▒▒	▒▒▒▒▒	▒▒▒▒▒▒
▒▒▒	▒▒▒▒	▒▒▒▒▒▒▒	▒▒▒▒▒	▒▒▒▒▒▒	▒▒▒	▒▒▒▒	▒▒▒▒▒▒▒	▒▒▒▒▒	▒▒▒▒▒▒	▒▒▒	▒▒▒▒	▒▒▒▒▒▒▒	▒▒▒▒▒
▒▒▒▒▒▒	▒▒▒	▒▒▒▒	▒▒▒▒▒▒▒	▒▒▒▒▒	▒▒▒▒▒▒	▒▒▒	▒▒▒▒	▒▒▒▒▒▒▒	▒▒▒▒▒	▒▒▒▒▒▒	▒▒▒	▒▒▒▒	▒▒▒▒▒▒▒
▒▒▒▒▒	▒▒▒▒▒▒	▒▒▒	▒▒▒▒	▒▒▒▒▒▒▒	▒▒▒▒▒	▒▒▒▒▒▒	▒▒▒	▒▒▒▒	▒▒▒▒▒▒▒	▒▒▒▒▒	▒▒▒▒▒▒	▒▒▒	▒▒▒▒
▒▒▒▒▒▒▒	▒▒▒▒▒	▒▒▒▒▒▒	▒▒▒	▒▒▒▒	▒▒▒▒▒▒▒	▒▒▒▒▒	▒▒▒▒▒▒	▒▒▒	▒▒▒▒	▒▒▒▒▒▒▒	▒▒▒▒▒	▒▒▒▒▒▒	▒▒▒
▒▒▒▒	▒▒▒▒▒▒▒	▒▒▒▒▒	▒▒▒▒▒▒	▒▒▒	▒▒▒▒	▒▒▒▒▒▒▒	▒▒▒▒▒	▒▒▒▒▒▒	▒▒▒	▒▒▒▒	▒▒▒▒▒▒▒	▒▒▒▒▒	▒▒▒▒▒▒
▒▒▒	▒▒▒▒	▒▒▒▒▒▒▒	▒▒▒▒▒	▒▒▒▒▒▒	▒▒▒	▒▒▒▒	▒▒▒▒▒▒▒	▒▒▒▒▒	▒▒▒▒▒▒	▒▒▒	▒▒▒▒	▒▒▒▒▒▒▒	▒▒▒▒▒
▒▒▒▒▒▒	▒▒▒	▒▒▒▒	▒▒▒▒▒▒▒	▒▒▒▒▒	▒▒▒▒▒▒	▒▒▒	▒▒▒▒	▒▒▒▒▒▒▒	▒▒▒▒▒	▒▒▒▒▒▒	▒▒▒	▒▒▒▒	▒▒▒▒▒▒▒
▒▒▒▒▒	▒▒▒▒▒▒	▒▒▒	▒▒▒▒	▒▒▒▒▒▒▒	▒▒▒▒▒	▒▒▒▒▒▒	▒▒▒	▒▒▒▒	▒▒▒▒▒▒▒	▒▒▒▒▒	▒▒▒▒▒▒	▒▒▒	▒▒▒▒
▒▒▒▒▒▒▒	▒▒▒▒▒	▒▒▒▒▒▒	▒▒▒	▒▒▒▒	▒▒▒▒▒▒▒	▒▒▒▒▒	▒▒▒▒▒▒	▒▒▒	▒▒▒▒	▒▒▒▒▒▒▒	▒▒▒▒▒	▒▒▒▒▒▒	▒▒▒
▒▒▒▒	▒▒▒▒▒▒▒	▒▒▒▒▒	▒▒▒▒▒▒	▒▒▒	▒▒▒▒	▒▒▒▒▒▒▒	▒▒▒▒▒	▒▒▒▒▒▒	▒▒▒	▒▒▒▒	▒▒▒▒▒▒▒	▒▒▒▒▒	▒▒▒▒▒▒
▒▒▒	▒▒▒▒	▒▒▒▒▒▒▒	▒▒▒▒▒	▒▒▒▒▒▒	▒▒▒	▒▒▒▒	▒▒▒▒▒▒▒	▒▒▒▒▒	▒▒▒▒▒▒	▒▒▒	▒▒▒▒	▒▒▒▒▒▒▒	▒▒▒▒▒
▒▒▒▒▒▒	▒▒▒	▒▒▒▒	▒▒▒▒▒▒▒	▒▒▒▒▒	▒▒▒▒▒▒	▒▒▒	▒▒▒▒	▒▒▒▒▒▒▒	▒▒▒▒▒	▒▒▒▒▒▒	▒▒▒	▒▒▒▒	▒▒▒▒▒▒▒
▒▒▒▒▒	▒▒▒▒▒▒	▒▒▒	▒▒▒▒	▒▒▒▒▒▒▒	▒▒▒▒▒	▒▒▒▒▒▒	▒▒▒	▒▒▒▒	▒▒▒▒▒▒▒	▒▒▒▒▒	▒▒▒▒▒▒	▒▒▒	▒▒▒▒
▒▒▒▒▒▒▒	▒▒▒▒▒	▒▒▒▒▒▒	▒▒▒	▒▒▒▒	▒▒▒▒▒▒▒	▒▒▒▒▒	▒▒▒▒▒▒	▒▒▒	▒▒▒▒	▒▒▒▒▒▒▒	▒▒▒▒▒	▒▒▒▒▒▒	▒▒▒
▒▒▒▒	▒▒▒▒▒▒▒	▒▒▒▒▒	▒▒▒▒▒▒	▒▒▒	▒▒▒▒	▒▒▒▒▒▒▒	▒▒▒▒▒	▒▒▒▒▒▒	▒▒▒	▒▒▒▒	▒▒▒▒▒▒▒	▒▒▒▒▒	▒▒▒▒▒▒
▒▒▒	▒▒▒▒	▒▒▒▒▒▒▒	▒▒▒▒▒	▒▒▒▒▒▒	▒▒▒	▒▒▒▒	▒▒▒▒▒▒▒	▒▒▒▒▒	▒▒▒▒▒▒	▒▒▒	▒▒▒▒	▒▒▒▒▒▒▒	▒▒▒▒▒
▒▒▒▒▒▒	▒▒▒	▒▒▒▒	▒▒▒▒▒▒▒	▒▒▒▒▒	▒▒▒▒▒▒	▒▒▒	▒▒▒▒	▒▒▒▒▒▒▒	▒▒▒▒▒	▒▒▒▒▒▒	▒▒▒	▒▒▒▒	▒▒▒▒▒▒▒
▒▒▒▒▒	▒▒▒▒▒▒	▒▒▒	▒▒▒▒	▒▒▒▒▒▒▒	▒▒▒▒▒	▒▒▒▒▒▒	▒▒▒	▒▒▒▒	▒▒▒▒▒▒▒	▒▒▒▒▒	▒▒▒▒▒▒	▒▒▒	▒▒▒▒
▒▒▒▒▒▒▒	▒▒▒▒▒	▒▒▒▒▒▒	▒▒▒	▒▒▒▒	▒▒▒▒▒▒▒	▒▒▒▒▒	▒▒▒▒▒▒	▒▒▒	▒▒▒▒	▒▒▒▒▒▒▒	▒▒▒▒▒	▒▒▒▒▒▒	▒▒▒
▒▒▒▒	▒▒▒▒▒▒▒	▒▒▒▒▒	▒▒▒▒▒▒	▒▒▒	▒▒▒▒	▒▒▒▒▒▒▒	▒▒▒▒▒	▒▒▒▒▒▒	▒▒▒	▒▒▒▒	▒▒▒▒▒▒▒	▒▒▒▒▒	▒▒▒▒▒▒
▒▒▒	▒▒▒▒	▒▒▒▒▒▒▒	▒▒▒▒▒	▒▒▒▒▒▒	▒▒▒	▒▒▒▒	▒▒▒▒▒▒▒	▒▒▒▒▒	▒▒▒▒▒▒	▒▒▒	▒▒▒▒	▒▒▒▒▒▒▒	▒▒▒▒▒
▒▒▒▒▒▒	▒▒▒	▒▒▒▒	▒▒▒▒▒▒▒	▒▒▒▒▒	▒▒▒▒▒▒	▒▒▒	▒▒▒▒	▒▒▒▒▒▒▒	▒▒▒▒▒	▒▒▒▒▒▒	▒▒▒	▒▒▒▒	▒▒▒▒▒▒▒
▒▒▒▒▒	▒▒▒▒▒▒	▒▒▒	▒▒▒▒	▒▒▒▒▒▒▒	▒▒▒▒▒	▒▒▒▒▒▒	▒▒▒	▒▒▒▒	▒▒▒▒▒▒▒	▒▒▒▒▒	▒▒▒▒▒▒	▒▒▒	▒▒▒▒
▒▒▒▒▒▒▒	▒▒▒▒▒	▒▒▒▒▒▒	▒▒▒	▒▒▒▒	▒▒▒▒▒▒▒	▒▒▒▒▒	▒▒▒▒▒▒	▒▒▒	▒▒▒▒	▒▒▒▒▒▒▒	▒▒▒▒▒	▒▒▒▒▒▒	▒▒▒
▒▒▒▒	▒▒▒▒▒▒▒	▒▒▒▒▒	▒▒▒▒▒▒	▒▒▒	▒▒▒▒	▒▒▒▒▒▒▒	▒▒▒▒▒	▒▒▒▒▒▒	▒▒▒	▒▒▒▒	▒▒▒▒▒▒▒	▒▒▒▒▒	▒▒▒▒▒▒
▒▒▒	▒▒▒▒	▒▒▒▒▒▒▒	▒▒▒▒▒	▒▒▒▒▒▒	▒▒▒	▒▒▒▒	▒▒▒▒▒▒▒	▒▒▒▒▒	▒▒▒▒▒▒	▒▒▒	▒▒▒▒	▒▒▒▒▒▒▒	▒▒▒▒▒
▒▒▒▒▒▒	▒▒▒	▒▒▒▒	▒▒▒▒▒▒▒	▒▒▒▒▒	▒▒▒▒▒▒	▒▒▒	▒▒▒▒	▒▒▒▒▒▒▒	▒▒▒▒▒	▒▒▒▒▒▒	▒▒▒	▒▒▒▒	▒▒▒▒▒▒▒
▒▒▒▒▒	▒▒▒▒▒▒	▒▒▒	▒▒▒▒	▒▒▒▒▒▒▒	▒▒▒▒▒	▒▒▒▒▒▒	▒▒▒	▒▒▒▒	▒▒▒▒▒▒▒	▒▒▒▒▒	▒▒▒▒▒▒	▒▒▒	▒▒▒▒
▒▒▒▒▒▒▒	▒▒▒▒▒	▒▒▒▒▒▒	▒▒▒	▒▒▒▒	▒▒▒▒▒▒▒	▒▒▒▒▒	▒▒▒▒▒▒	▒▒▒	▒▒▒▒	▒▒▒▒▒▒▒	▒▒▒▒▒	▒▒▒▒▒▒	▒▒▒
▒▒▒▒	▒▒▒▒▒▒▒	▒▒▒▒▒	▒▒▒▒▒▒	▒▒▒	▒▒▒▒	▒▒▒▒▒▒▒	▒▒▒▒▒	▒▒▒▒▒▒	▒▒▒	▒▒▒▒	▒▒▒▒▒▒▒	▒▒▒▒▒	▒▒▒▒▒▒
▒▒▒	▒▒▒▒	▒▒▒▒▒▒▒	▒▒▒▒▒	▒▒▒▒▒▒	▒▒▒	▒▒▒▒	▒▒▒▒▒▒▒	▒▒▒▒▒	▒▒▒▒▒▒	▒▒▒	▒▒▒▒	▒▒▒▒▒▒▒	▒▒▒▒▒
▒▒▒▒▒▒	▒▒▒	▒▒▒▒	▒▒▒▒▒▒▒	▒▒▒▒▒	▒▒▒▒▒▒	▒▒▒	▒▒▒▒	▒▒▒▒▒▒▒	▒▒▒▒▒	▒▒▒▒▒▒	▒▒▒	▒▒▒▒	▒▒▒▒▒▒▒
▒▒▒▒▒	▒▒▒▒▒▒	▒▒▒	▒▒▒▒	▒▒▒▒▒▒▒	▒▒▒▒▒	▒▒▒▒▒▒	▒▒▒	▒▒▒▒	▒▒▒▒▒▒▒	▒▒▒▒▒	▒▒▒▒▒▒	▒▒▒	▒▒▒▒
▒▒▒▒▒▒▒	▒▒▒▒▒	▒▒▒▒▒▒	▒▒▒	▒▒▒▒	▒▒▒▒▒▒▒	▒▒▒▒▒	▒▒▒▒▒▒	▒▒▒	▒▒▒▒	▒▒▒▒▒▒▒	▒▒▒▒▒	▒▒▒▒▒▒	▒▒▒
▒▒▒▒	▒▒▒▒▒▒▒	▒▒▒▒▒	▒▒▒▒▒▒	▒▒▒	▒▒▒▒	▒▒▒▒▒▒▒	▒▒▒▒▒	▒▒▒▒▒▒	▒▒▒	▒▒▒▒	▒▒▒▒▒▒▒	▒▒▒▒▒	▒▒▒▒▒▒
▒▒▒	▒▒▒▒	▒▒▒▒▒▒▒	▒▒▒▒▒	▒▒▒▒▒▒	▒▒▒	▒▒▒▒	▒▒▒▒▒▒▒	▒▒▒▒▒	▒▒▒▒▒▒	▒▒▒	▒▒▒▒	▒▒▒▒▒▒▒	▒▒▒▒▒
▒▒▒▒▒▒	▒▒▒	▒▒▒▒	▒▒▒▒▒▒▒	▒▒▒▒▒	▒▒▒▒▒▒	▒▒▒	▒▒▒▒	▒▒▒▒▒▒▒	▒▒▒▒▒	▒▒▒▒▒▒	▒▒▒	▒▒▒▒	▒▒▒▒▒▒▒
▒▒▒▒▒	▒▒▒▒▒▒	▒▒▒	▒▒▒▒	▒▒▒▒▒▒▒	▒▒▒▒▒	▒▒▒▒▒▒	▒▒▒	▒▒▒▒	▒▒▒▒▒▒▒	▒▒▒▒▒	▒▒▒▒▒▒	▒▒▒	▒▒▒▒
▒▒▒▒▒▒▒	▒▒▒▒▒	▒▒▒▒▒▒	▒▒▒	▒▒▒▒	▒▒▒▒▒▒▒	▒▒▒▒▒	▒▒▒▒▒▒	▒▒▒	▒▒▒▒	▒▒▒▒▒▒▒	▒▒▒▒▒	▒▒▒▒▒▒	▒▒▒
▒▒▒▒	▒▒▒▒▒▒▒	▒▒▒▒▒	▒▒▒▒▒▒	▒▒▒	▒▒▒▒	▒▒▒▒▒▒▒	▒▒▒▒▒	▒▒▒▒▒▒	▒▒▒	▒▒▒▒	▒▒▒▒▒▒▒	▒▒▒▒▒	▒▒▒▒▒▒
▒▒▒	▒▒▒▒	▒▒▒▒▒▒▒	▒▒▒▒▒	▒▒▒▒▒▒	▒▒▒	▒▒▒▒	▒▒▒▒▒▒▒	▒▒▒▒▒	▒▒▒▒▒▒	▒▒▒	▒▒▒▒	▒▒▒▒▒▒▒	▒▒▒▒▒
▒▒▒▒▒▒	▒▒▒	▒▒▒▒	▒▒▒▒▒▒▒	▒▒▒▒▒	▒▒▒▒▒▒	▒▒▒	▒▒▒▒	▒▒▒▒▒▒▒	▒▒▒▒▒	▒▒▒▒▒▒	▒▒▒	▒▒▒▒	▒▒▒▒▒▒▒
▒▒▒▒▒	▒▒▒▒▒▒	▒▒▒	▒▒▒▒	▒▒▒▒▒▒▒	▒▒▒▒▒	▒▒▒▒▒▒	▒▒▒	▒▒▒▒	▒▒▒▒▒▒▒	▒▒▒▒▒	▒▒▒▒▒▒	▒▒▒	▒▒▒▒
▒▒▒▒▒▒▒	▒▒▒▒▒	▒▒▒▒▒▒	▒▒▒	▒▒▒▒	▒▒▒▒▒▒▒	▒▒▒▒▒	▒▒▒▒▒▒	▒▒▒	▒▒▒▒	▒▒▒▒▒▒▒	▒▒▒▒▒	▒▒▒▒▒▒	▒▒▒
▒▒▒▒	▒▒▒▒▒▒▒	▒▒▒▒▒	▒▒▒▒▒▒	▒▒▒	▒▒▒▒	▒▒▒▒▒▒▒	▒▒▒▒▒	▒▒▒▒▒▒	▒▒▒	▒▒▒▒	▒▒▒▒▒▒▒	▒▒▒▒▒	▒▒▒▒▒▒
▒▒▒	▒▒▒▒	▒▒▒▒▒▒▒	▒▒▒▒▒	▒▒▒▒▒▒	▒▒▒	▒▒▒▒	▒▒▒▒▒▒▒	▒▒▒▒▒	▒▒▒▒▒▒	▒▒▒	▒▒▒▒	▒▒▒▒▒▒▒	▒▒▒▒▒
▒▒▒▒▒▒	▒▒▒	▒▒▒▒	▒▒▒▒▒▒▒	▒▒▒▒▒	▒▒▒▒▒▒	▒▒▒	▒▒▒▒	▒▒▒▒▒▒▒	▒▒▒▒▒	▒▒▒▒▒▒	▒▒▒	▒▒▒▒	▒▒▒▒▒▒▒
▒▒▒▒▒	▒▒▒▒▒▒	▒▒▒	▒▒▒▒	▒▒▒▒▒▒▒	▒▒▒▒▒	▒▒▒▒▒▒	▒▒▒	▒▒▒▒	▒▒▒▒▒▒▒	▒▒▒▒▒	▒▒▒▒▒▒	▒▒▒	▒▒▒▒
▒▒▒▒▒▒▒	▒▒▒▒▒	▒▒▒▒▒▒	▒▒▒	▒▒▒▒	▒▒▒▒▒▒▒	▒▒▒▒▒	▒▒▒▒▒▒	▒▒▒	▒▒▒▒	▒▒▒▒▒▒▒	▒▒▒▒▒	▒▒▒▒▒▒	▒▒▒
▒▒▒▒	▒▒▒▒▒▒▒	▒▒▒▒▒	▒▒▒▒▒▒	▒▒▒	▒▒▒▒	▒▒▒▒▒▒▒	▒▒▒▒▒	▒▒▒▒▒▒	▒▒▒	▒▒▒▒	▒▒▒▒▒▒▒	▒▒▒▒▒	▒▒▒▒▒▒
▒▒▒	▒▒▒▒	▒▒▒▒▒▒▒	▒▒▒▒▒	▒▒▒▒▒▒	▒▒▒	▒▒▒▒	▒▒▒▒▒▒▒	▒▒▒▒▒	▒▒▒▒▒▒	▒▒▒	▒▒▒▒	▒▒▒▒▒▒▒	▒▒▒▒▒
▒▒▒▒▒▒	▒▒▒	▒▒▒▒	▒▒▒▒▒▒▒	▒▒▒▒▒	▒▒▒▒▒▒	▒▒▒	▒▒▒▒	▒▒▒▒▒▒▒	▒▒▒▒▒	▒▒▒▒▒▒	▒▒▒	▒▒▒▒	▒▒▒▒▒▒▒
▒▒▒▒▒	▒▒▒▒▒▒	▒▒▒	▒▒▒▒	▒▒▒▒▒▒▒	▒▒▒▒▒	▒▒▒▒▒▒	▒▒▒	▒▒▒▒	▒▒▒▒▒▒▒	▒▒▒▒▒	▒▒▒▒▒▒	▒▒▒	▒▒▒▒
▒▒▒▒▒▒▒	▒▒▒▒▒	▒▒▒▒▒▒	▒▒▒	▒▒▒▒	▒▒▒▒▒▒▒	▒▒▒▒▒	▒▒▒▒▒▒	▒▒▒	▒▒▒▒	▒▒▒▒▒▒▒	▒▒▒▒▒	▒▒▒▒▒▒	▒▒▒
